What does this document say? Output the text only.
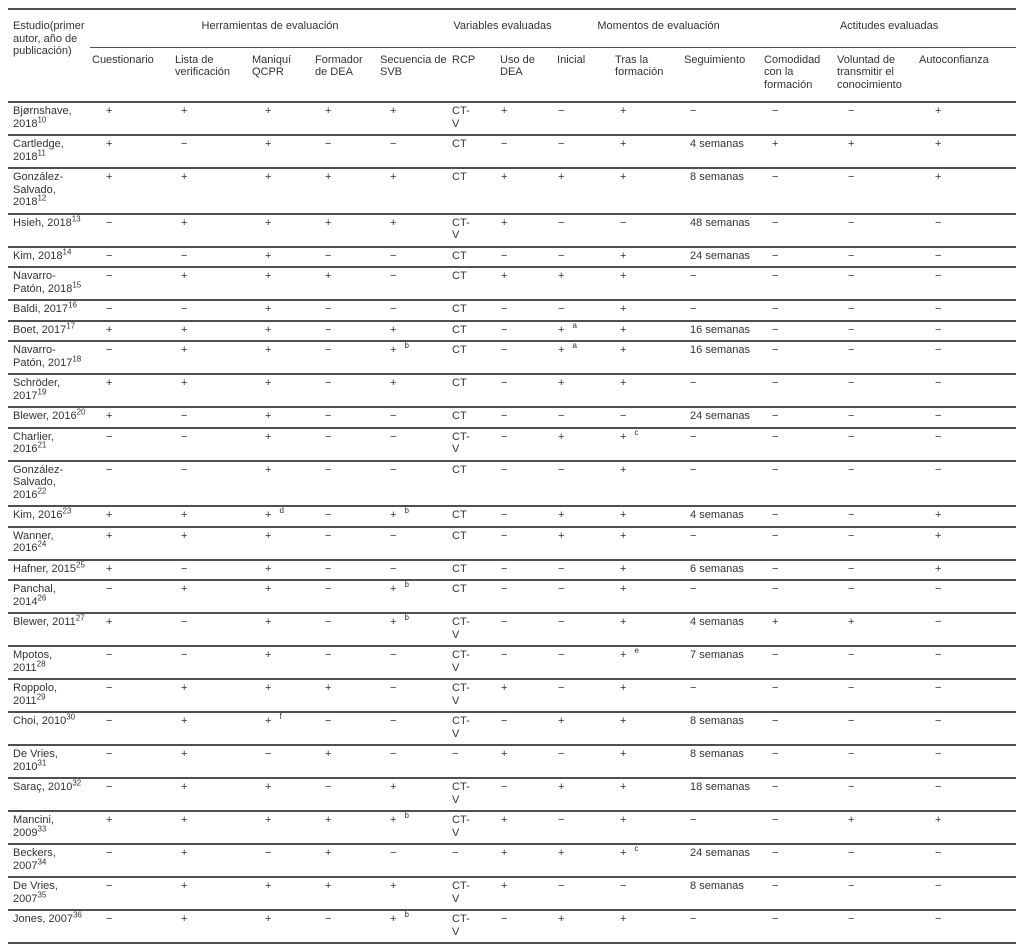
Estudio(primer autor, año de publicación)	Herramientas de evaluación					Variables evaluadas		Momentos de evaluación			Actitudes evaluadas		
	Cuestionario	Lista de verificación	Maniquí QCPR	Formador de DEA	Secuencia de SVB	RCP	Uso de DEA	Inicial	Tras la formación	Seguimiento	Comodidad con la formación	Voluntad de transmitir el conocimiento	Autoconfianza
Bjørnshave, $2018^{10}$	+	+	+	+	+	CT-V	+	−	+	−	−	−	+
Cartledge, $2018^{11}$	+	−	+	−	−	CT	−	−	+	4 semanas	+	+	+
González-Salvado, $2018^{12}$	+	+	+	+	+	CT	+	+	+	8 semanas	−	−	+
Hsieh, $2018^{13}$	−	+	+	+	+	CT-V	+	−	−	48 semanas	−	−	−
Kim, $2018^{14}$	−	−	+	−	−	CT	−	−	+	24 semanas	−	−	−
Navarro-Patón, $2018^{15}$	−	+	+	+	−	CT	+	+	+	−	−	−	−
Baldi, $2017^{16}$	−	−	+	−	−	CT	−	−	+	−	−	−	−
Boet, $2017^{17}$	+	+	+	−	+	CT	−	+ $^a$	+	16 semanas	−	−	−
Navarro-Patón, $2017^{18}$	−	+	+	−	+ $^b$	CT	−	+ $^a$	+	16 semanas	−	−	−
Schröder, $2017^{19}$	+	+	+	−	+	CT	−	+	+	−	−	−	−
Blewer, $2016^{20}$	+	−	+	−	−	CT	−	−	−	24 semanas	−	−	−
Charlier, $2016^{21}$	−	−	+	−	−	CT-V	−	+	+ $^c$	−	−	−	−
González-Salvado, $2016^{22}$	−	−	+	−	−	CT	−	−	+	−	−	−	−
Kim, $2016^{23}$	+	+	+ $^d$	−	+ $^b$	CT	−	+	+	4 semanas	−	−	+
Wanner, $2016^{24}$	+	+	+	−	−	CT	−	+	+	−	−	−	+
Hafner, $2015^{25}$	+	−	+	−	−	CT	−	−	+	6 semanas	−	−	+
Panchal, $2014^{26}$	−	+	+	−	+ $^b$	CT	−	−	+	−	−	−	−
Blewer, $2011^{27}$	+	−	+	−	+ $^b$	CT-V	−	−	+	4 semanas	+	+	−
Mpotos, $2011^{28}$	−	−	+	−	−	CT-V	−	−	+ $^e$	7 semanas	−	−	−
Roppolo, $2011^{29}$	−	+	+	+	−	CT-V	+	−	+	−	−	−	−
Choi, $2010^{30}$	−	+	+ $^f$	−	−	CT-V	−	+	+	8 semanas	−	−	−
De Vries, $2010^{31}$	−	+	−	+	−	−	+	−	+	8 semanas	−	−	−
Saraç, $2010^{32}$	−	+	+	−	+	CT-V	−	+	+	18 semanas	−	−	−
Mancini, $2009^{33}$	+	+	+	+	+ $^b$	CT-V	+	−	+	−	−	+	+
Beckers, $2007^{34}$	−	+	−	+	−	−	+	+	+ $^c$	24 semanas	−	−	−
De Vries, $2007^{35}$	−	+	+	+	+	CT-V	+	−	−	8 semanas	−	−	−
Jones, $2007^{36}$	−	+	+	−	+ $^b$	CT-V	−	+	+	−	−	−	−
